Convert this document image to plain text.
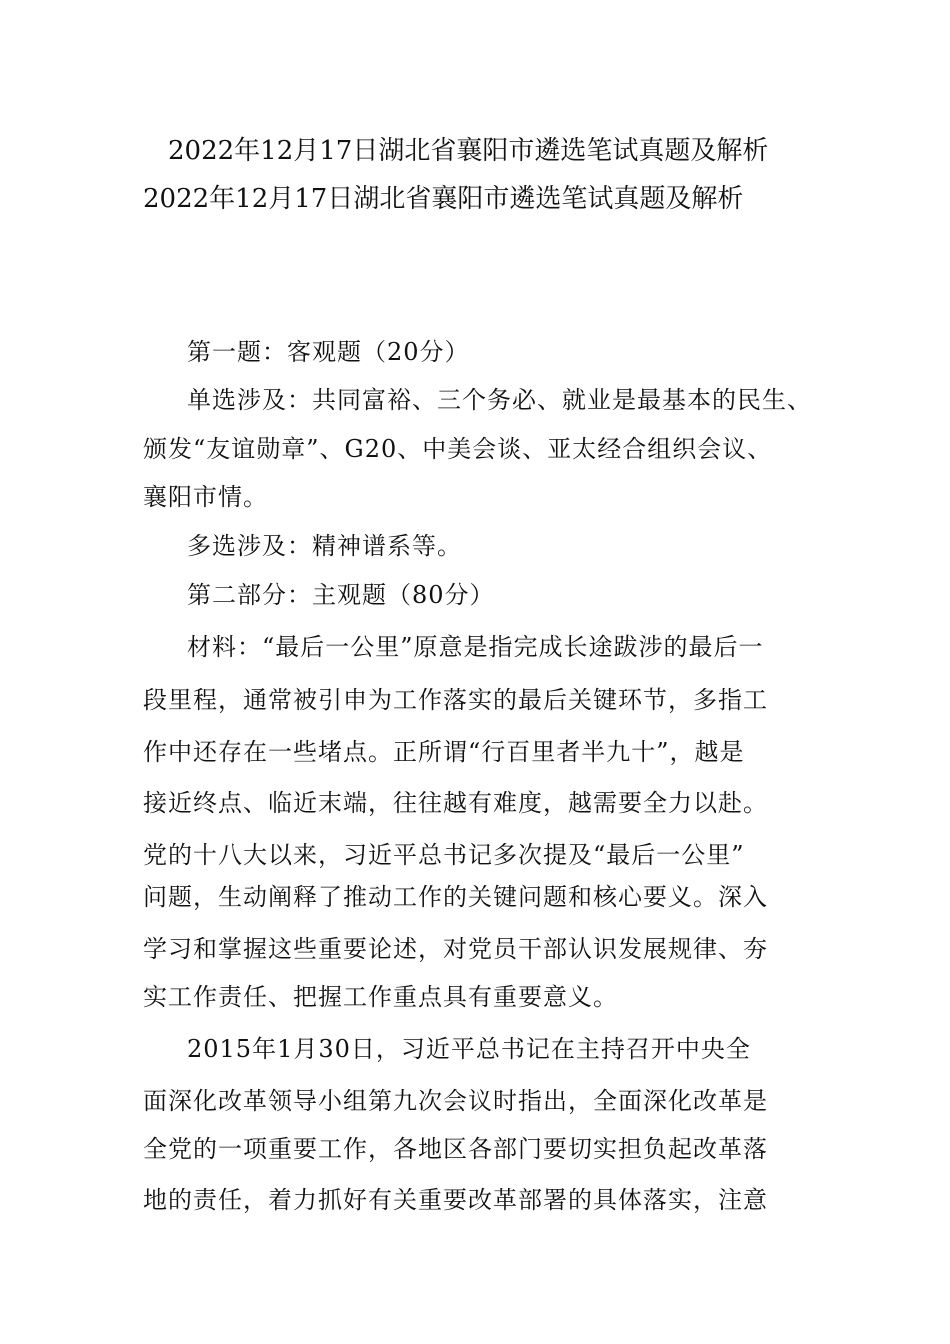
2022年12月17日湖北省襄阳市遴选笔试真题及解析
2022年12月17日湖北省襄阳市遴选笔试真题及解析
第一题：客观题（20分）
单选涉及：共同富裕、三个务必、就业是最基本的民生、
颁发“友谊勋章”、G20、中美会谈、亚太经合组织会议、
襄阳市情。
多选涉及：精神谱系等。
第二部分：主观题（80分）
材料：“最后一公里”原意是指完成长途跋涉的最后一
段里程，通常被引申为工作落实的最后关键环节，多指工
作中还存在一些堵点。正所谓“行百里者半九十”，越是
接近终点、临近末端，往往越有难度，越需要全力以赴。
党的十八大以来，习近平总书记多次提及“最后一公里”
问题，生动阐释了推动工作的关键问题和核心要义。深入
学习和掌握这些重要论述，对党员干部认识发展规律、夯
实工作责任、把握工作重点具有重要意义。
2015年1月30日，习近平总书记在主持召开中央全
面深化改革领导小组第九次会议时指出，全面深化改革是
全党的一项重要工作，各地区各部门要切实担负起改革落
地的责任，着力抓好有关重要改革部署的具体落实，注意
